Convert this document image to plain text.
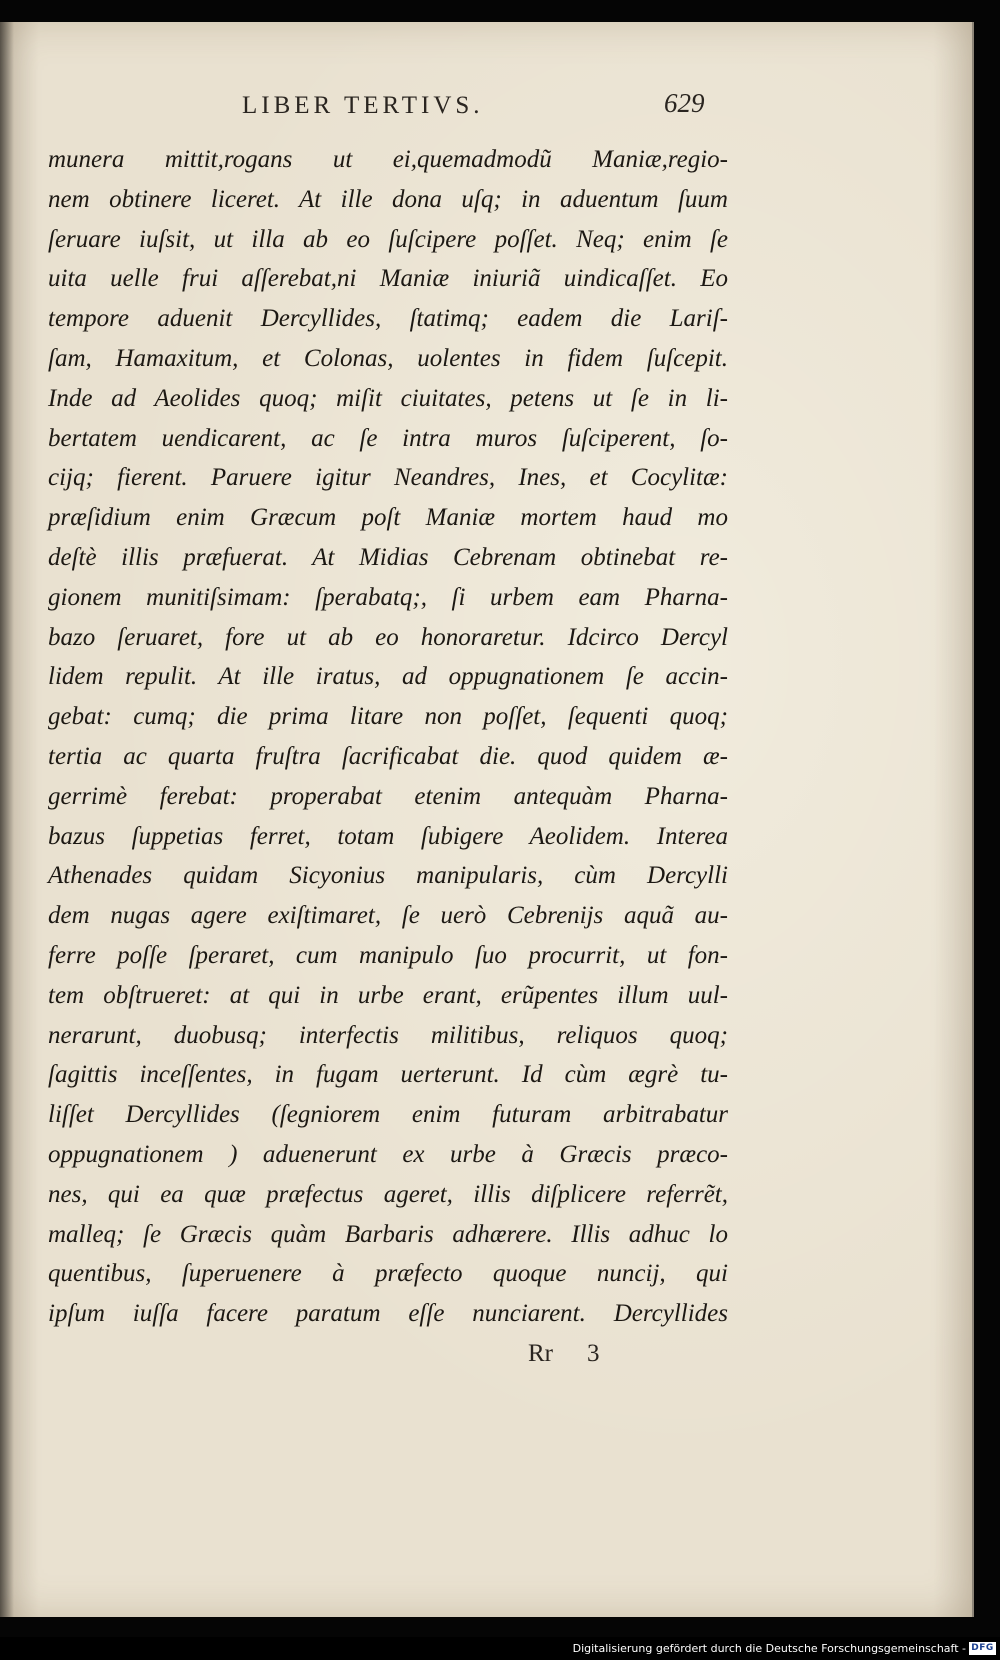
LIBER TERTIVS.	629
munera mittit,rogans ut ei,quemadmodũ Maniæ,regio-
nem obtinere liceret. At ille dona uſq; in aduentum ſuum
ſeruare iuſsit, ut illa ab eo ſuſcipere poſſet. Neq; enim ſe
uita uelle frui aſſerebat,ni Maniæ iniuriã uindicaſſet. Eo
tempore aduenit Dercyllides, ſtatimq; eadem die Lariſ-
ſam, Hamaxitum, et Colonas, uolentes in fidem ſuſcepit.
Inde ad Aeolides quoq; miſit ciuitates, petens ut ſe in li-
bertatem uendicarent, ac ſe intra muros ſuſciperent, ſo-
cijq; fierent. Paruere igitur Neandres, Ines, et Cocylitæ:
præſidium enim Græcum poſt Maniæ mortem haud mo
deſtè illis præfuerat. At Midias Cebrenam obtinebat re-
gionem munitiſsimam: ſperabatq;, ſi urbem eam Pharna-
bazo ſeruaret, fore ut ab eo honoraretur. Idcirco Dercyl
lidem repulit. At ille iratus, ad oppugnationem ſe accin-
gebat: cumq; die prima litare non poſſet, ſequenti quoq;
tertia ac quarta fruſtra ſacrificabat die. quod quidem æ-
gerrimè ferebat: properabat etenim antequàm Pharna-
bazus ſuppetias ferret, totam ſubigere Aeolidem. Interea
Athenades quidam Sicyonius manipularis, cùm Dercylli
dem nugas agere exiſtimaret, ſe uerò Cebrenijs aquã au-
ferre poſſe ſperaret, cum manipulo ſuo procurrit, ut fon-
tem obſtrueret: at qui in urbe erant, erũpentes illum uul-
nerarunt, duobusq; interfectis militibus, reliquos quoq;
ſagittis inceſſentes, in fugam uerterunt. Id cùm ægrè tu-
liſſet Dercyllides (ſegniorem enim futuram arbitrabatur
oppugnationem ) aduenerunt ex urbe à Græcis præco-
nes, qui ea quæ præfectus ageret, illis diſplicere referrẽt,
malleq; ſe Græcis quàm Barbaris adhærere. Illis adhuc lo
quentibus, ſuperuenere à præfecto quoque nuncij, qui
ipſum iuſſa facere paratum eſſe nunciarent. Dercyllides
Rr 3
Digitalisierung gefördert durch die Deutsche Forschungsgemeinschaft - DFG
